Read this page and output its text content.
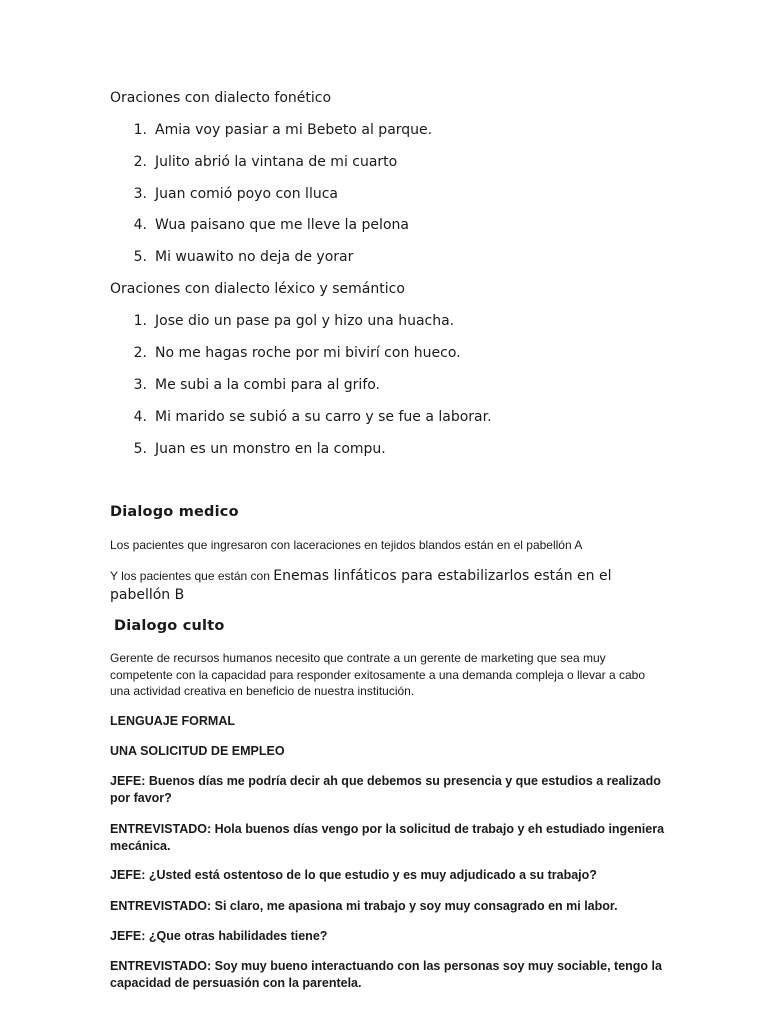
Oraciones con dialecto fonético
1. Amia voy pasiar a mi Bebeto al parque.
2. Julito abrió la vintana de mi cuarto
3. Juan comió poyo con lluca
4. Wua paisano que me lleve la pelona
5. Mi wuawito no deja de yorar
Oraciones con dialecto léxico y semántico
1. Jose dio un pase pa gol y hizo una huacha.
2. No me hagas roche por mi bivirí con hueco.
3. Me subi a la combi para al grifo.
4. Mi marido se subió a su carro y se fue a laborar.
5. Juan es un monstro en la compu.
Dialogo medico
Los pacientes que ingresaron con laceraciones en tejidos blandos están en el pabellón A
Y los pacientes que están con Enemas linfáticos para estabilizarlos están en el pabellón B
Dialogo culto
Gerente de recursos humanos necesito que contrate a un gerente de marketing que sea muy competente con la capacidad para responder exitosamente a una demanda compleja o llevar a cabo una actividad creativa en beneficio de nuestra institución.
LENGUAJE FORMAL
UNA SOLICITUD DE EMPLEO
JEFE: Buenos días me podría decir ah que debemos su presencia y que estudios a realizado por favor?
ENTREVISTADO: Hola buenos días vengo por la solicitud de trabajo y eh estudiado ingeniera mecánica.
JEFE: ¿Usted está ostentoso de lo que estudio y es muy adjudicado a su trabajo?
ENTREVISTADO: Si claro, me apasiona mi trabajo y soy muy consagrado en mi labor.
JEFE: ¿Que otras habilidades tiene?
ENTREVISTADO: Soy muy bueno interactuando con las personas soy muy sociable, tengo la capacidad de persuasión con la parentela.
